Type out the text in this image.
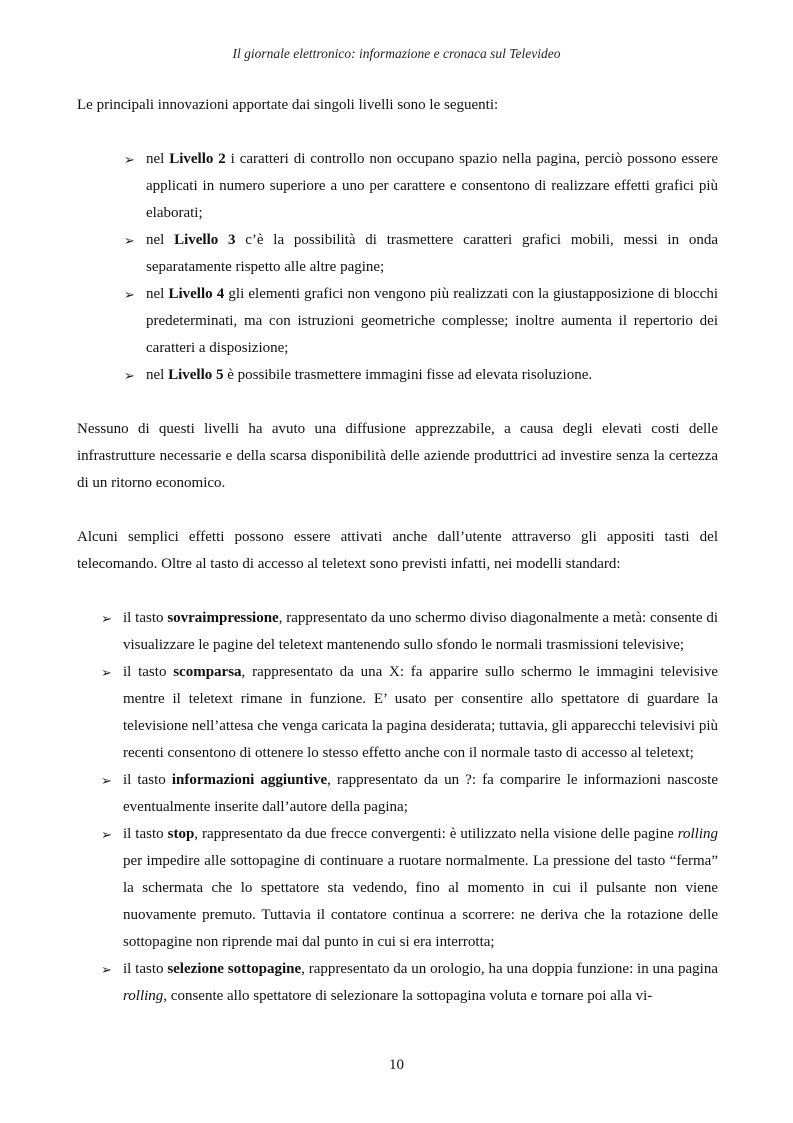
Il giornale elettronico: informazione e cronaca sul Televideo

Le principali innovazioni apportate dai singoli livelli sono le seguenti:

➢ nel Livello 2 i caratteri di controllo non occupano spazio nella pagina, perciò possono essere applicati in numero superiore a uno per carattere e consentono di realizzare effetti grafici più elaborati;
➢ nel Livello 3 c’è la possibilità di trasmettere caratteri grafici mobili, messi in onda separatamente rispetto alle altre pagine;
➢ nel Livello 4 gli elementi grafici non vengono più realizzati con la giustapposizione di blocchi predeterminati, ma con istruzioni geometriche complesse; inoltre aumenta il repertorio dei caratteri a disposizione;
➢ nel Livello 5 è possibile trasmettere immagini fisse ad elevata risoluzione.

Nessuno di questi livelli ha avuto una diffusione apprezzabile, a causa degli elevati costi delle infrastrutture necessarie e della scarsa disponibilità delle aziende produttrici ad investire senza la certezza di un ritorno economico.

Alcuni semplici effetti possono essere attivati anche dall’utente attraverso gli appositi tasti del telecomando. Oltre al tasto di accesso al teletext sono previsti infatti, nei modelli standard:

➢ il tasto sovraimpressione, rappresentato da uno schermo diviso diagonalmente a metà: consente di visualizzare le pagine del teletext mantenendo sullo sfondo le normali trasmissioni televisive;
➢ il tasto scomparsa, rappresentato da una X: fa apparire sullo schermo le immagini televisive mentre il teletext rimane in funzione. E’ usato per consentire allo spettatore di guardare la televisione nell’attesa che venga caricata la pagina desiderata; tuttavia, gli apparecchi televisivi più recenti consentono di ottenere lo stesso effetto anche con il normale tasto di accesso al teletext;
➢ il tasto informazioni aggiuntive, rappresentato da un ?: fa comparire le informazioni nascoste eventualmente inserite dall’autore della pagina;
➢ il tasto stop, rappresentato da due frecce convergenti: è utilizzato nella visione delle pagine rolling per impedire alle sottopagine di continuare a ruotare normalmente. La pressione del tasto “ferma” la schermata che lo spettatore sta vedendo, fino al momento in cui il pulsante non viene nuovamente premuto. Tuttavia il contatore continua a scorrere: ne deriva che la rotazione delle sottopagine non riprende mai dal punto in cui si era interrotta;
➢ il tasto selezione sottopagine, rappresentato da un orologio, ha una doppia funzione: in una pagina rolling, consente allo spettatore di selezionare la sottopagina voluta e tornare poi alla vi-
10
